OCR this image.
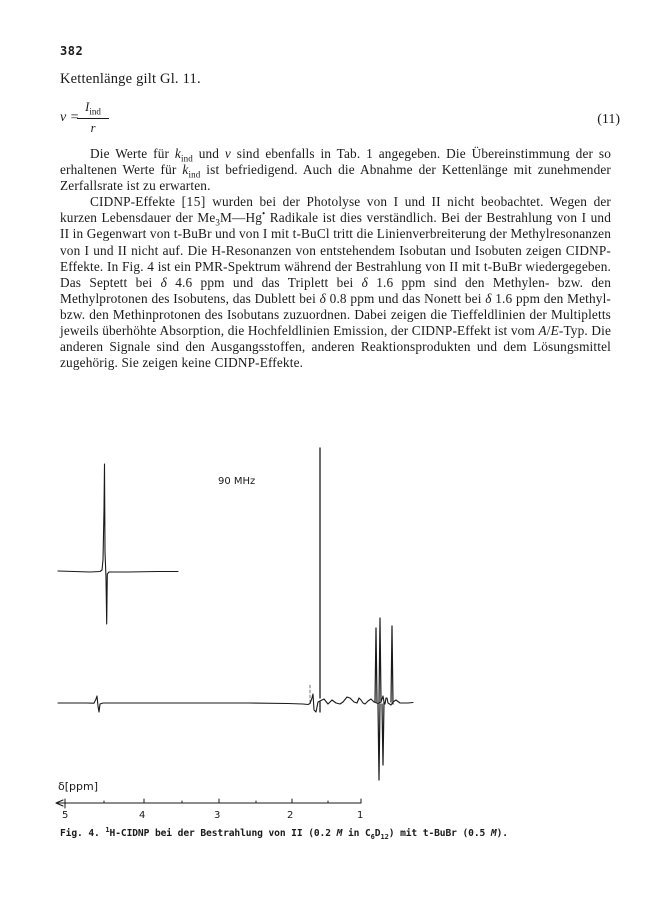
382
Kettenlänge gilt Gl. 11.
ν =
$I_{ind}$
r
(11)

Die Werte für $k_{ind}$ und ν sind ebenfalls in Tab. 1 angegeben. Die Übereinstimmung der so erhaltenen Werte für $k_{ind}$ ist befriedigend. Auch die Abnahme der Kettenlänge mit zunehmender Zerfallsrate ist zu erwarten.

CIDNP-Effekte [15] wurden bei der Photolyse von I und II nicht beobachtet. Wegen der kurzen Lebensdauer der $Me_3M—Hg^•$ Radikale ist dies verständlich. Bei der Bestrahlung von I und II in Gegenwart von t-BuBr und von I mit t-BuCl tritt die Linienverbreiterung der Methylresonanzen von I und II nicht auf. Die H-Resonanzen von entstehendem Isobutan und Isobuten zeigen CIDNP-Effekte. In Fig. 4 ist ein PMR-Spektrum während der Bestrahlung von II mit t-BuBr wiedergegeben. Das Septett bei δ 4.6 ppm und das Triplett bei δ 1.6 ppm sind den Methylen- bzw. den Methylprotonen des Isobutens, das Dublett bei δ 0.8 ppm und das Nonett bei δ 1.6 ppm den Methyl- bzw. den Methinprotonen des Isobutans zuzuordnen. Dabei zeigen die Tieffeldlinien der Multipletts jeweils überhöhte Absorption, die Hochfeldlinien Emission, der CIDNP-Effekt ist vom A/E-Typ. Die anderen Signale sind den Ausgangsstoffen, anderen Reaktionsprodukten und dem Lösungsmittel zugehörig. Sie zeigen keine CIDNP-Effekte.

90 MHz
δ[ppm]
5	4	3	2	1
Fig. 4. $^1$H-CIDNP bei der Bestrahlung von II (0.2 M in $C_6D_{12}$) mit t-BuBr (0.5 M).
